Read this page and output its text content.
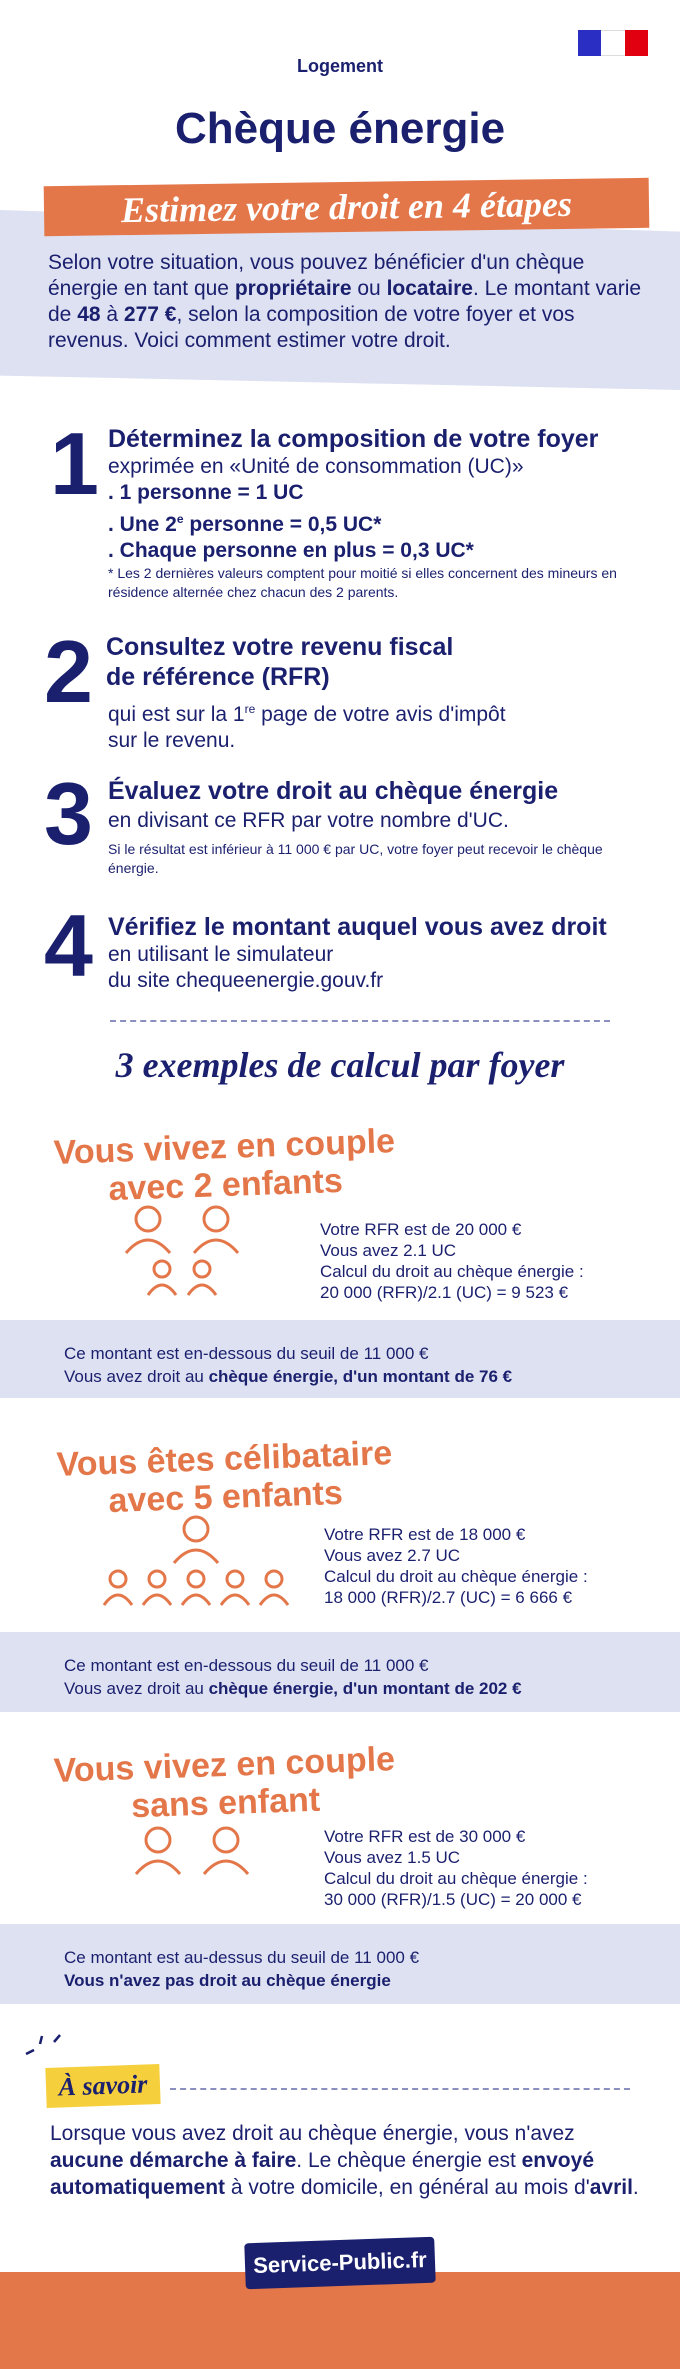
Logement
Chèque énergie
Estimez votre droit en 4 étapes
Selon votre situation, vous pouvez bénéficier d'un chèque énergie en tant que propriétaire ou locataire. Le montant varie de 48 à 277 €, selon la composition de votre foyer et vos revenus. Voici comment estimer votre droit.
1 Déterminez la composition de votre foyer
exprimée en «Unité de consommation (UC)»
. 1 personne = 1 UC
. Une 2e personne = 0,5 UC*
. Chaque personne en plus = 0,3 UC*
* Les 2 dernières valeurs comptent pour moitié si elles concernent des mineurs en résidence alternée chez chacun des 2 parents.
2 Consultez votre revenu fiscal
de référence (RFR)
qui est sur la 1re page de votre avis d'impôt
sur le revenu.
3 Évaluez votre droit au chèque énergie
en divisant ce RFR par votre nombre d'UC.
Si le résultat est inférieur à 11 000 € par UC, votre foyer peut recevoir le chèque énergie.
4 Vérifiez le montant auquel vous avez droit
en utilisant le simulateur
du site chequeenergie.gouv.fr
3 exemples de calcul par foyer
Vous vivez en couple
avec 2 enfants
Votre RFR est de 20 000 €
Vous avez 2.1 UC
Calcul du droit au chèque énergie :
20 000 (RFR)/2.1 (UC) = 9 523 €
Ce montant est en-dessous du seuil de 11 000 €
Vous avez droit au chèque énergie, d'un montant de 76 €
Vous êtes célibataire
avec 5 enfants
Votre RFR est de 18 000 €
Vous avez 2.7 UC
Calcul du droit au chèque énergie :
18 000 (RFR)/2.7 (UC) = 6 666 €
Ce montant est en-dessous du seuil de 11 000 €
Vous avez droit au chèque énergie, d'un montant de 202 €
Vous vivez en couple
sans enfant
Votre RFR est de 30 000 €
Vous avez 1.5 UC
Calcul du droit au chèque énergie :
30 000 (RFR)/1.5 (UC) = 20 000 €
Ce montant est au-dessus du seuil de 11 000 €
Vous n'avez pas droit au chèque énergie
À savoir
Lorsque vous avez droit au chèque énergie, vous n'avez aucune démarche à faire. Le chèque énergie est envoyé automatiquement à votre domicile, en général au mois d'avril.
Service-Public.fr
